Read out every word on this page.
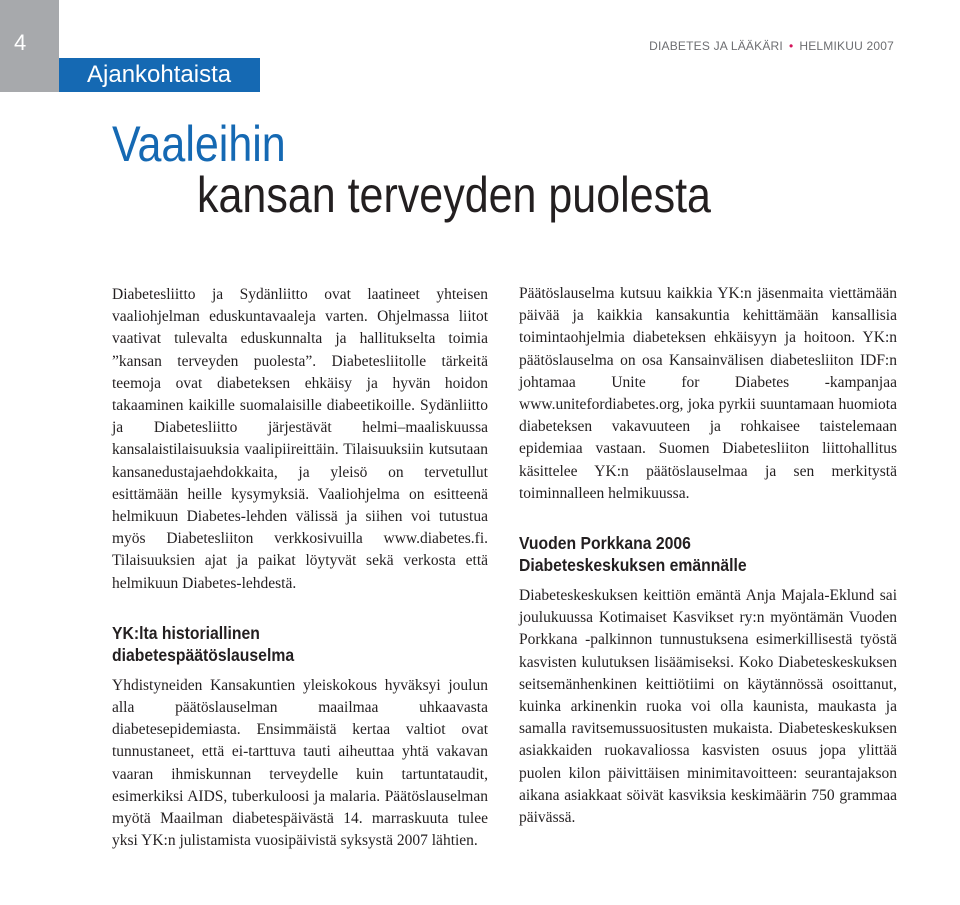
4
Ajankohtaista
DIABETES JA LÄÄKÄRI • HELMIKUU 2007
Vaaleihin
kansan terveyden puolesta

Diabetesliitto ja Sydänliitto ovat laatineet yhteisen vaaliohjelman eduskuntavaaleja varten. Ohjelmassa liitot vaativat tulevalta eduskunnalta ja hallitukselta toimia ”kansan terveyden puolesta”. Diabetesliitolle tärkeitä teemoja ovat diabeteksen ehkäisy ja hyvän hoidon takaaminen kaikille suomalaisille diabeetikoille. Sydänliitto ja Diabetesliitto järjestävät helmi–maaliskuussa kansalaistilaisuuksia vaalipiireittäin. Tilaisuuksiin kutsutaan kansanedustajaehdokkaita, ja yleisö on tervetullut esittämään heille kysymyksiä. Vaaliohjelma on esitteenä helmikuun Diabetes-lehden välissä ja siihen voi tutustua myös Diabetesliiton verkkosivuilla www.diabetes.fi. Tilaisuuksien ajat ja paikat löytyvät sekä verkosta että helmikuun Diabetes-lehdestä.

YK:lta historiallinen
diabetespäätöslauselma

Yhdistyneiden Kansakuntien yleiskokous hyväksyi joulun alla päätöslauselman maailmaa uhkaavasta diabetesepidemiasta. Ensimmäistä kertaa valtiot ovat tunnustaneet, että ei-tarttuva tauti aiheuttaa yhtä vakavan vaaran ihmiskunnan terveydelle kuin tartuntataudit, esimerkiksi AIDS, tuberkuloosi ja malaria. Päätöslauselman myötä Maailman diabetespäivästä 14. marraskuuta tulee yksi YK:n julistamista vuosipäivistä syksystä 2007 lähtien.

Päätöslauselma kutsuu kaikkia YK:n jäsenmaita viettämään päivää ja kaikkia kansakuntia kehittämään kansallisia toimintaohjelmia diabeteksen ehkäisyyn ja hoitoon. YK:n päätöslauselma on osa Kansainvälisen diabetesliiton IDF:n johtamaa Unite for Diabetes -kampanjaa www.unitefordiabetes.org, joka pyrkii suuntamaan huomiota diabeteksen vakavuuteen ja rohkaisee taistelemaan epidemiaa vastaan. Suomen Diabetesliiton liittohallitus käsittelee YK:n päätöslauselmaa ja sen merkitystä toiminnalleen helmikuussa.

Vuoden Porkkana 2006
Diabeteskeskuksen emännälle

Diabeteskeskuksen keittiön emäntä Anja Majala-Eklund sai joulukuussa Kotimaiset Kasvikset ry:n myöntämän Vuoden Porkkana -palkinnon tunnustuksena esimerkillisestä työstä kasvisten kulutuksen lisäämiseksi. Koko Diabeteskeskuksen seitsemänhenkinen keittiötiimi on käytännössä osoittanut, kuinka arkinenkin ruoka voi olla kaunista, maukasta ja samalla ravitsemussuositusten mukaista. Diabeteskeskuksen asiakkaiden ruokavaliossa kasvisten osuus jopa ylittää puolen kilon päivittäisen minimitavoitteen: seurantajakson aikana asiakkaat söivät kasviksia keskimäärin 750 grammaa päivässä.
